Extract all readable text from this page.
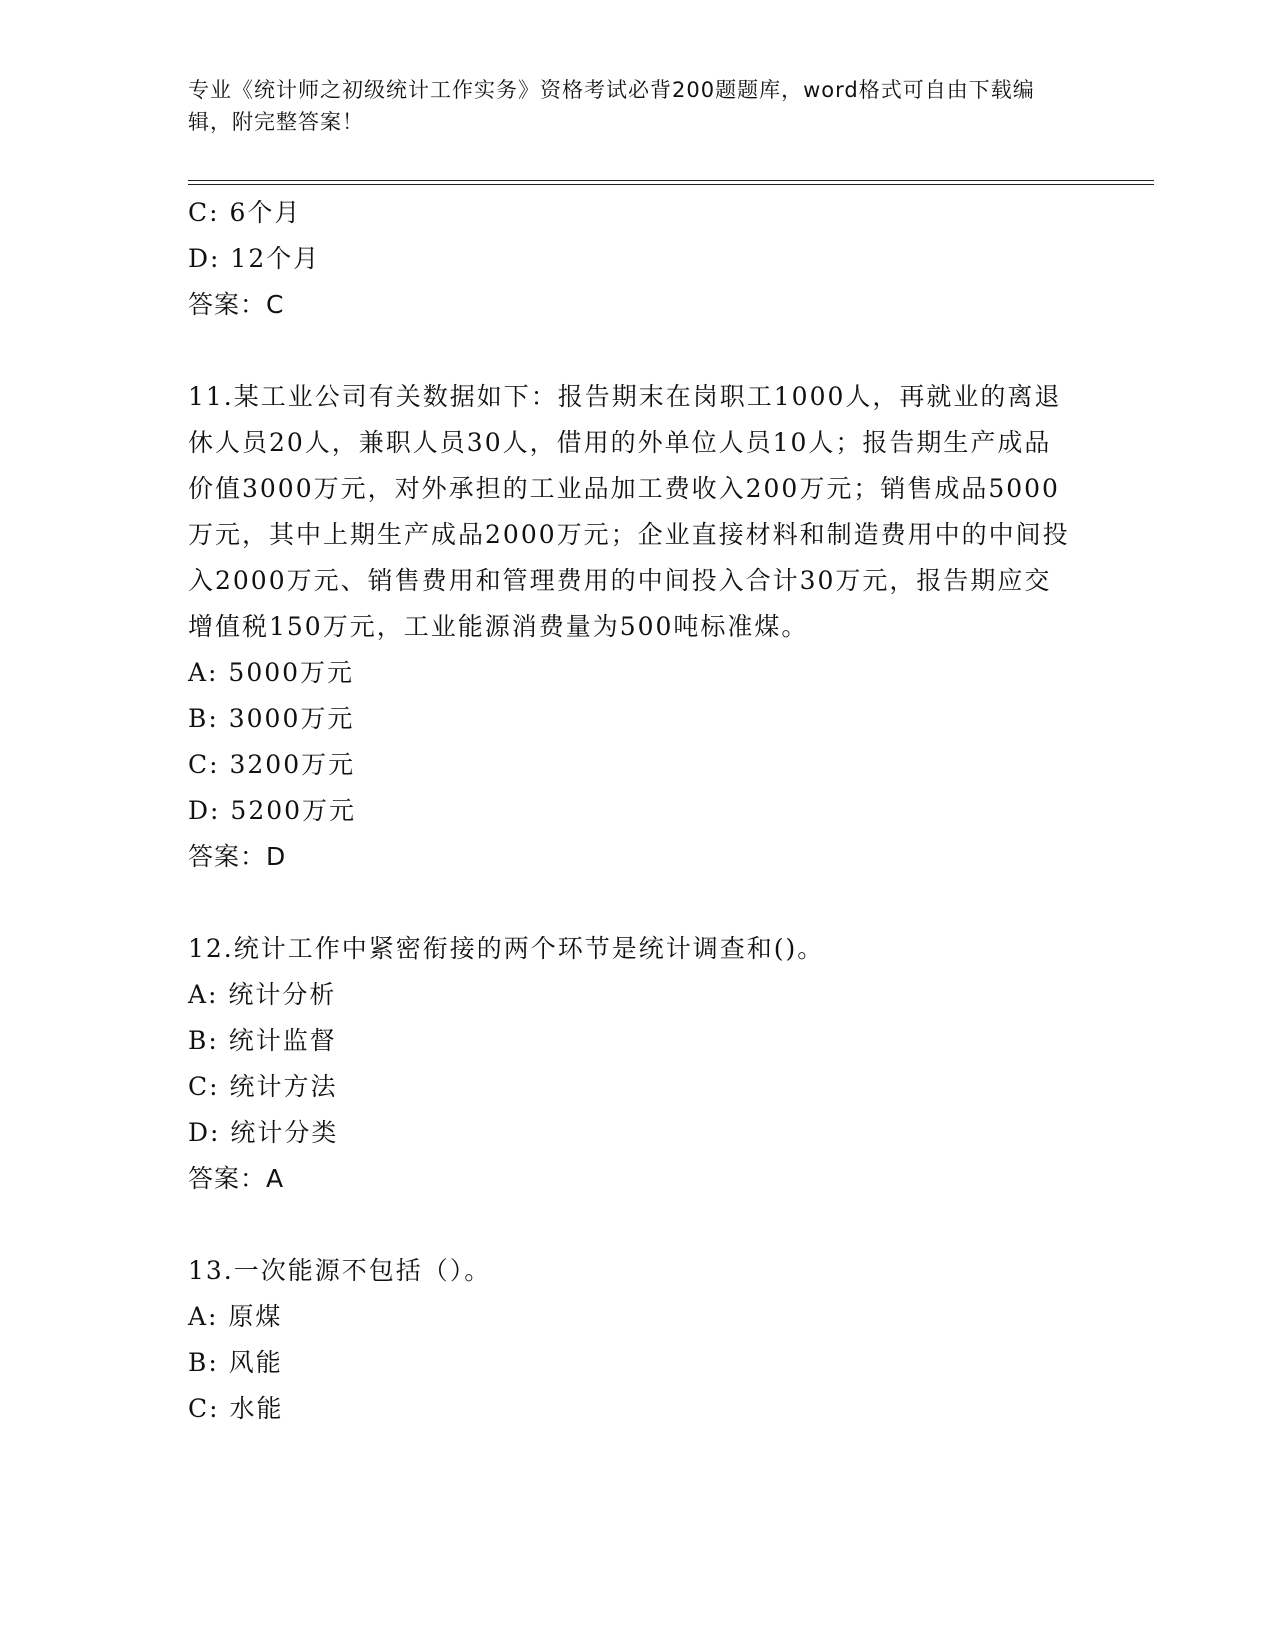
专业《统计师之初级统计工作实务》资格考试必背200题题库，word格式可自由下载编辑，附完整答案！
C: 6个月
D: 12个月
答案：C
11.某工业公司有关数据如下：报告期末在岗职工1000人，再就业的离退休人员20人，兼职人员30人，借用的外单位人员10人；报告期生产成品价值3000万元，对外承担的工业品加工费收入200万元；销售成品5000万元，其中上期生产成品2000万元；企业直接材料和制造费用中的中间投入2000万元、销售费用和管理费用的中间投入合计30万元，报告期应交增值税150万元，工业能源消费量为500吨标准煤。
A: 5000万元
B: 3000万元
C: 3200万元
D: 5200万元
答案：D
12.统计工作中紧密衔接的两个环节是统计调查和()。
A: 统计分析
B: 统计监督
C: 统计方法
D: 统计分类
答案：A
13.一次能源不包括（）。
A: 原煤
B: 风能
C: 水能
